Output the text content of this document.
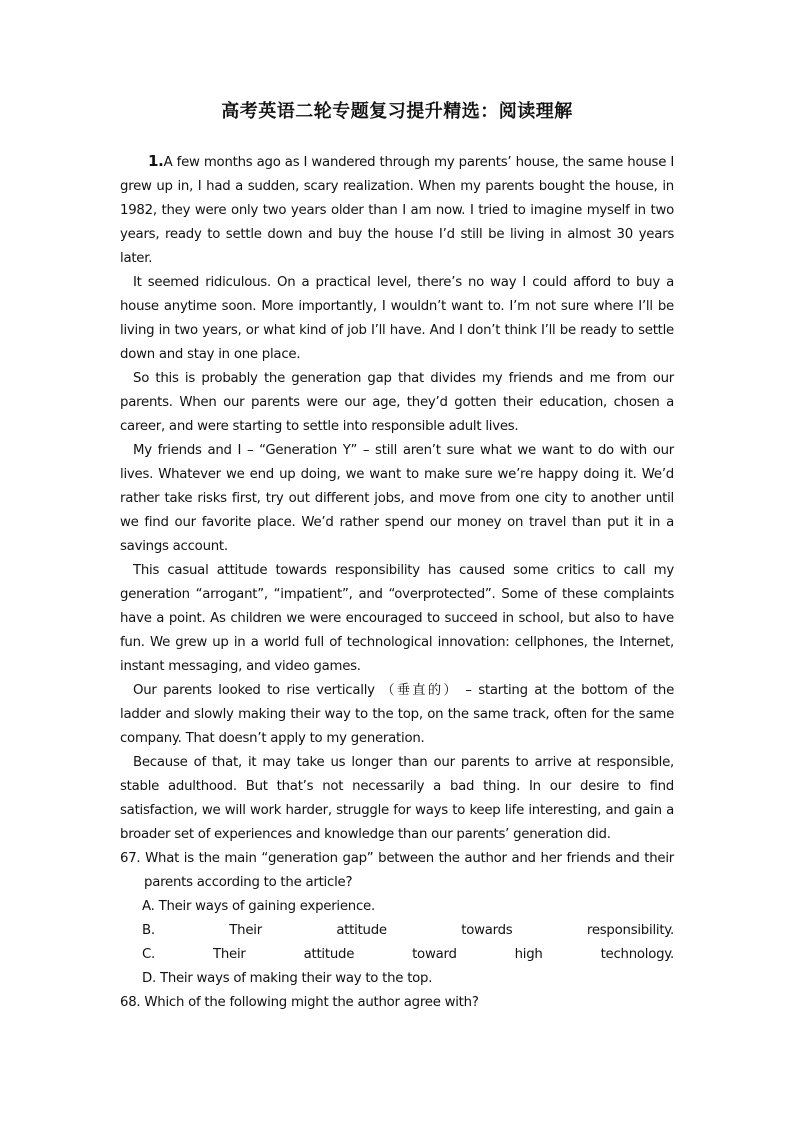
高考英语二轮专题复习提升精选：阅读理解

1.A few months ago as I wandered through my parents’ house, the same house I grew up in, I had a sudden, scary realization. When my parents bought the house, in 1982, they were only two years older than I am now. I tried to imagine myself in two years, ready to settle down and buy the house I’d still be living in almost 30 years later.

It seemed ridiculous. On a practical level, there’s no way I could afford to buy a house anytime soon. More importantly, I wouldn’t want to. I’m not sure where I’ll be living in two years, or what kind of job I’ll have. And I don’t think I’ll be ready to settle down and stay in one place.

So this is probably the generation gap that divides my friends and me from our parents. When our parents were our age, they’d gotten their education, chosen a career, and were starting to settle into responsible adult lives.

My friends and I – “Generation Y” – still aren’t sure what we want to do with our lives. Whatever we end up doing, we want to make sure we’re happy doing it. We’d rather take risks first, try out different jobs, and move from one city to another until we find our favorite place. We’d rather spend our money on travel than put it in a savings account.

This casual attitude towards responsibility has caused some critics to call my generation “arrogant”, “impatient”, and “overprotected”. Some of these complaints have a point. As children we were encouraged to succeed in school, but also to have fun. We grew up in a world full of technological innovation: cellphones, the Internet, instant messaging, and video games.

Our parents looked to rise vertically （垂直的） – starting at the bottom of the ladder and slowly making their way to the top, on the same track, often for the same company. That doesn’t apply to my generation.

Because of that, it may take us longer than our parents to arrive at responsible, stable adulthood. But that’s not necessarily a bad thing. In our desire to find satisfaction, we will work harder, struggle for ways to keep life interesting, and gain a broader set of experiences and knowledge than our parents’ generation did.

67. What is the main “generation gap” between the author and her friends and their parents according to the article?
A. Their ways of gaining experience.
B. Their attitude towards responsibility.
C. Their attitude toward high technology.
D. Their ways of making their way to the top.
68. Which of the following might the author agree with?
